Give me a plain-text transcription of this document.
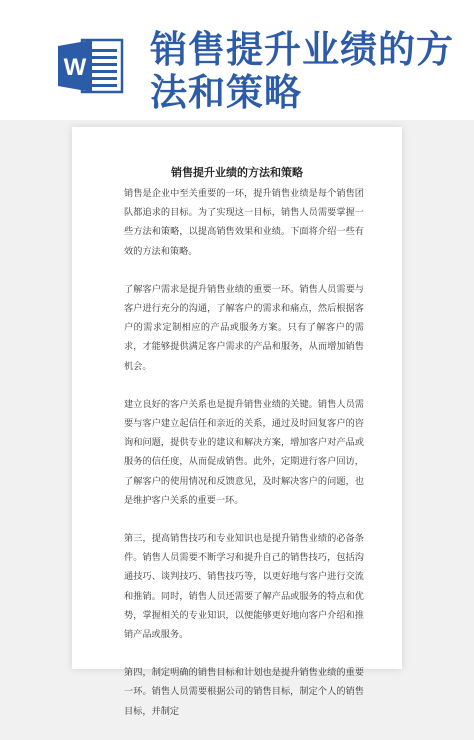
W 销售提升业绩的方法和策略
销售提升业绩的方法和策略

销售是企业中至关重要的一环，提升销售业绩是每个销售团队都追求的目标。为了实现这一目标，销售人员需要掌握一些方法和策略，以提高销售效果和业绩。下面将介绍一些有效的方法和策略。

了解客户需求是提升销售业绩的重要一环。销售人员需要与客户进行充分的沟通，了解客户的需求和痛点，然后根据客户的需求定制相应的产品或服务方案。只有了解客户的需求，才能够提供满足客户需求的产品和服务，从而增加销售机会。

建立良好的客户关系也是提升销售业绩的关键。销售人员需要与客户建立起信任和亲近的关系，通过及时回复客户的咨询和问题，提供专业的建议和解决方案，增加客户对产品或服务的信任度，从而促成销售。此外，定期进行客户回访，了解客户的使用情况和反馈意见，及时解决客户的问题，也是维护客户关系的重要一环。

第三，提高销售技巧和专业知识也是提升销售业绩的必备条件。销售人员需要不断学习和提升自己的销售技巧，包括沟通技巧、谈判技巧、销售技巧等，以更好地与客户进行交流和推销。同时，销售人员还需要了解产品或服务的特点和优势，掌握相关的专业知识，以便能够更好地向客户介绍和推销产品或服务。

第四，制定明确的销售目标和计划也是提升销售业绩的重要一环。销售人员需要根据公司的销售目标，制定个人的销售目标，并制定
